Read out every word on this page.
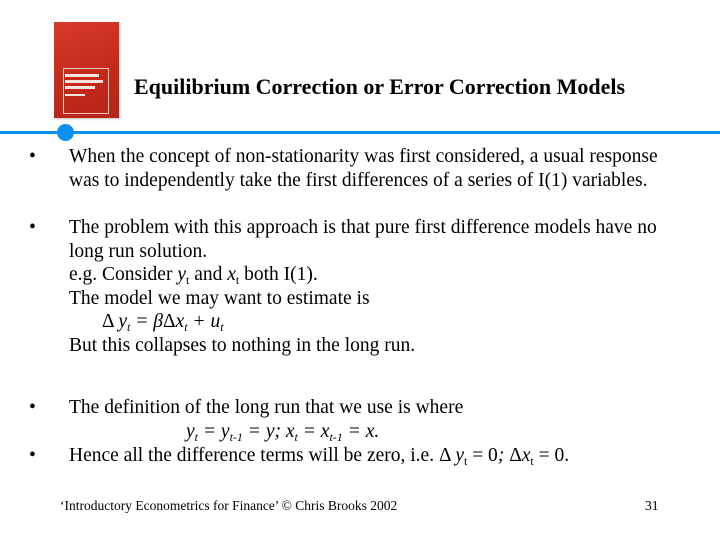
Equilibrium Correction or Error Correction Models
• When the concept of non-stationarity was first considered, a usual response
was to independently take the first differences of a series of I(1) variables.
• The problem with this approach is that pure first difference models have no
long run solution.
e.g. Consider $y_t$ and $x_t$ both I(1).
The model we may want to estimate is
Δ $y_t = \beta\Delta x_t + u_t$
But this collapses to nothing in the long run.
• The definition of the long run that we use is where
$y_t = y_{t-1} = y$; $x_t = x_{t-1} = x$.
• Hence all the difference terms will be zero, i.e. Δ $y_t = 0$; $\Delta x_t = 0$.
‘Introductory Econometrics for Finance’ © Chris Brooks 2002	31
